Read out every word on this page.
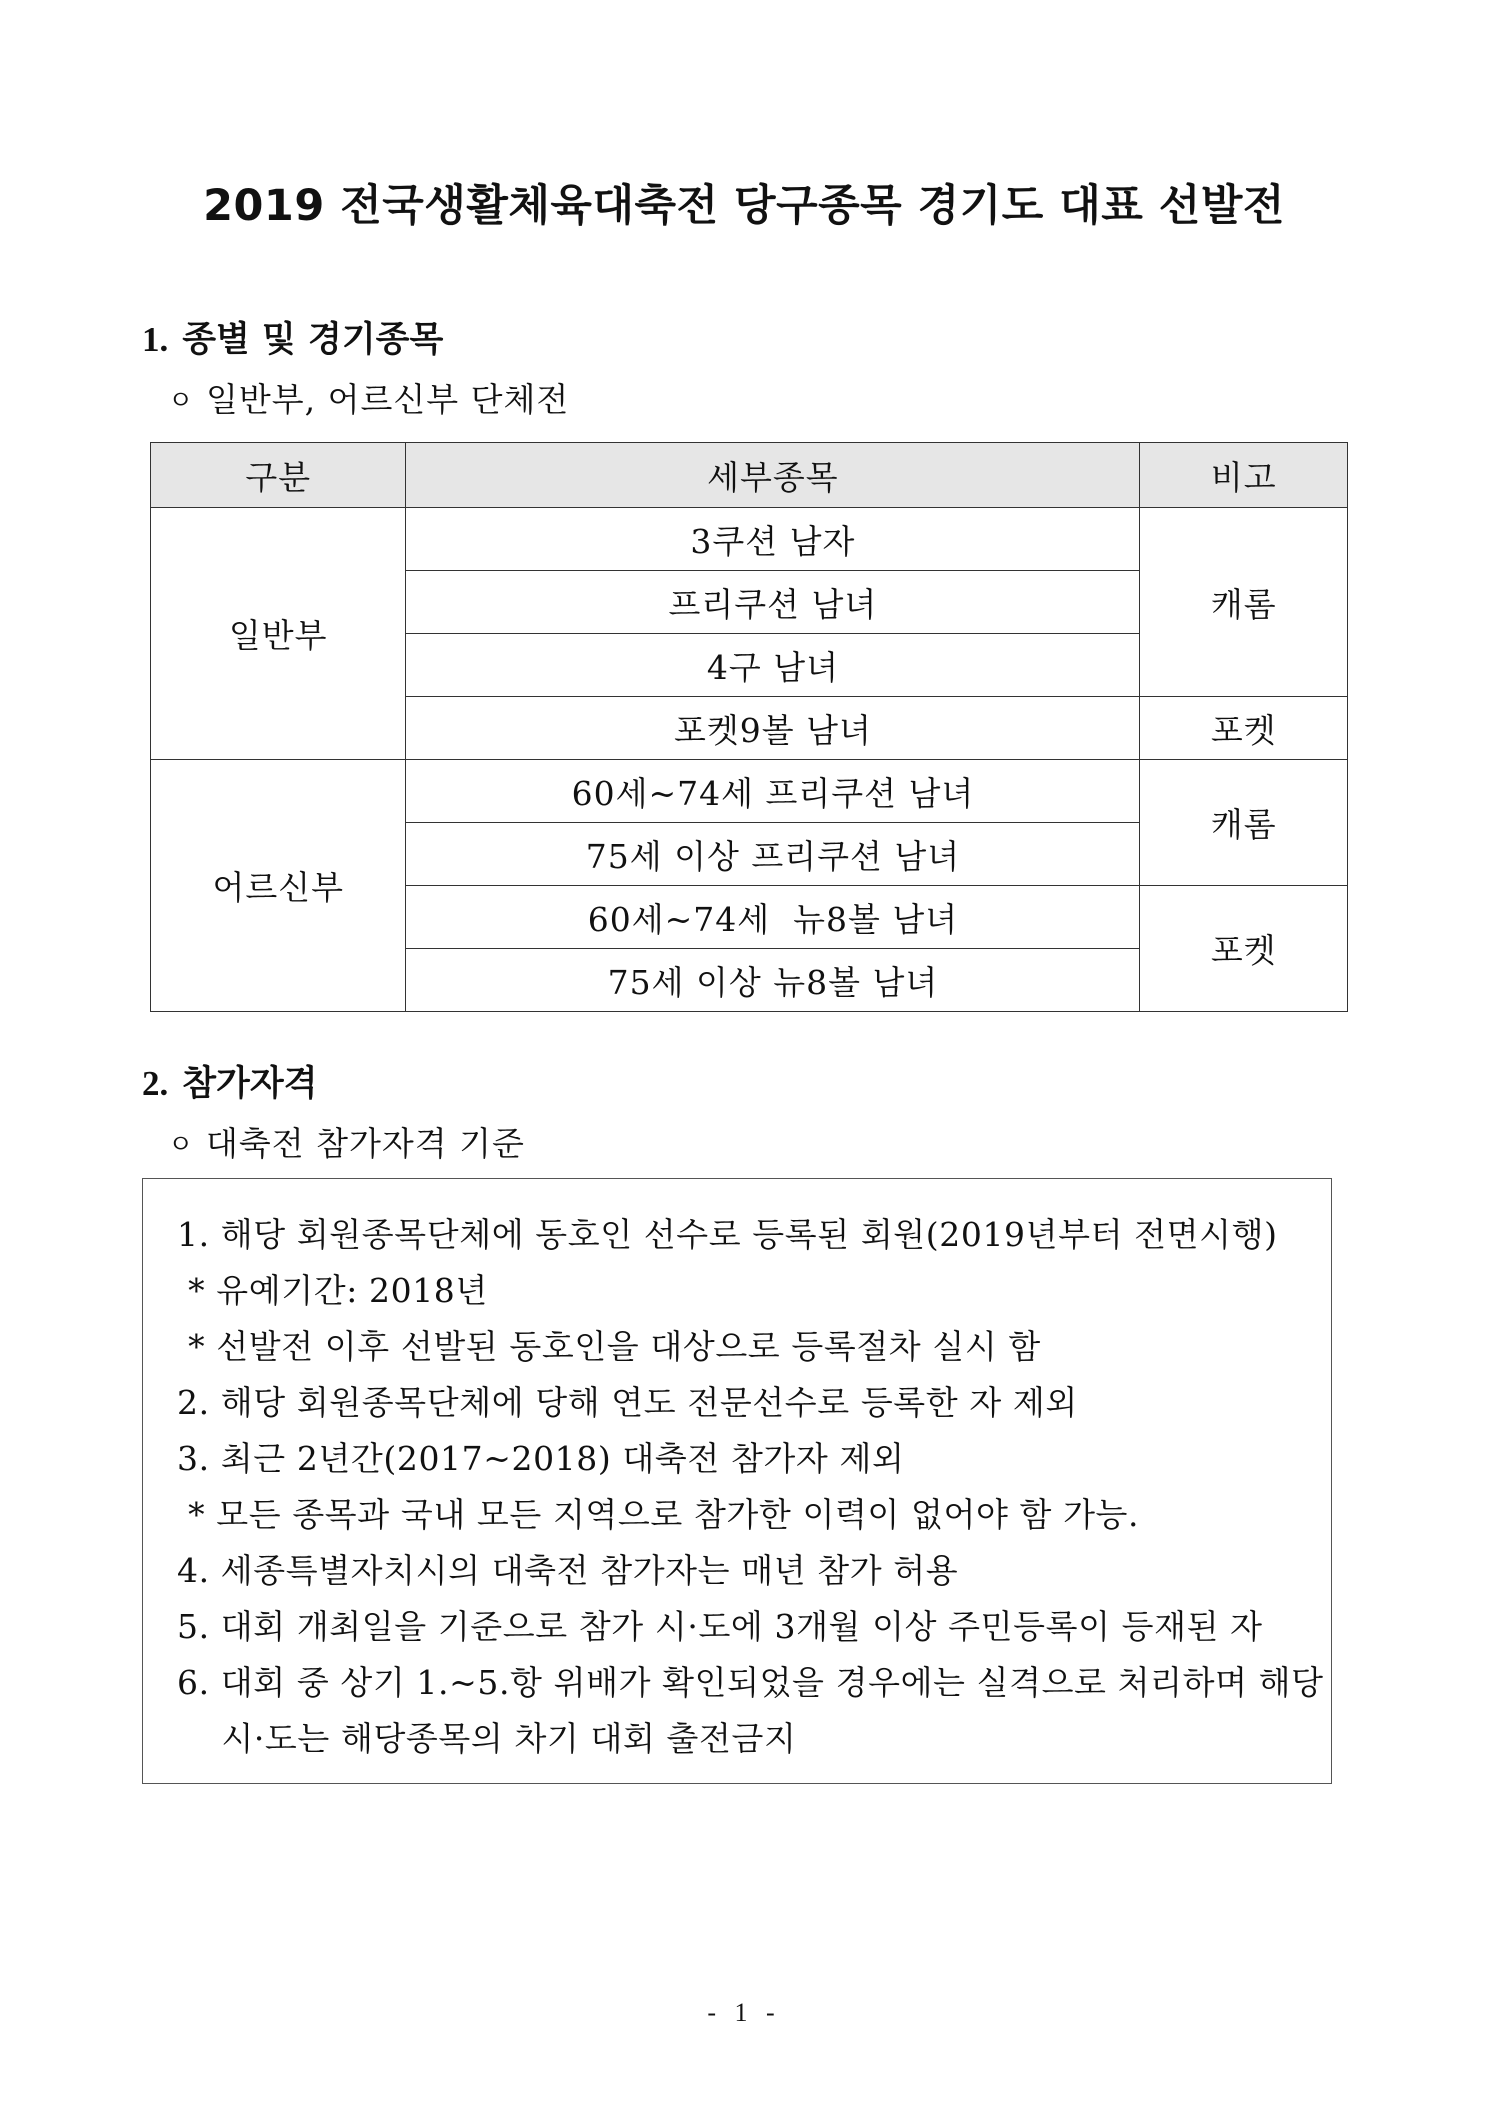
2019 전국생활체육대축전 당구종목 경기도 대표 선발전
1. 종별 및 경기종목
ㅇ 일반부, 어르신부 단체전
구분	세부종목	비고
일반부	3쿠션 남자	캐롬
	프리쿠션 남녀	
	4구 남녀	
	포켓9볼 남녀	포켓
어르신부	60세~74세 프리쿠션 남녀	캐롬
	75세 이상 프리쿠션 남녀	
	60세~74세  뉴8볼 남녀	포켓
	75세 이상 뉴8볼 남녀	
2. 참가자격
ㅇ 대축전 참가자격 기준
1. 해당 회원종목단체에 동호인 선수로 등록된 회원(2019년부터 전면시행)
* 유예기간: 2018년
* 선발전 이후 선발된 동호인을 대상으로 등록절차 실시 함
2. 해당 회원종목단체에 당해 연도 전문선수로 등록한 자 제외
3. 최근 2년간(2017~2018) 대축전 참가자 제외
* 모든 종목과 국내 모든 지역으로 참가한 이력이 없어야 함 가능.
4. 세종특별자치시의 대축전 참가자는 매년 참가 허용
5. 대회 개최일을 기준으로 참가 시·도에 3개월 이상 주민등록이 등재된 자
6. 대회 중 상기 1.~5.항 위배가 확인되었을 경우에는 실격으로 처리하며 해당
시·도는 해당종목의 차기 대회 출전금지
- 1 -
